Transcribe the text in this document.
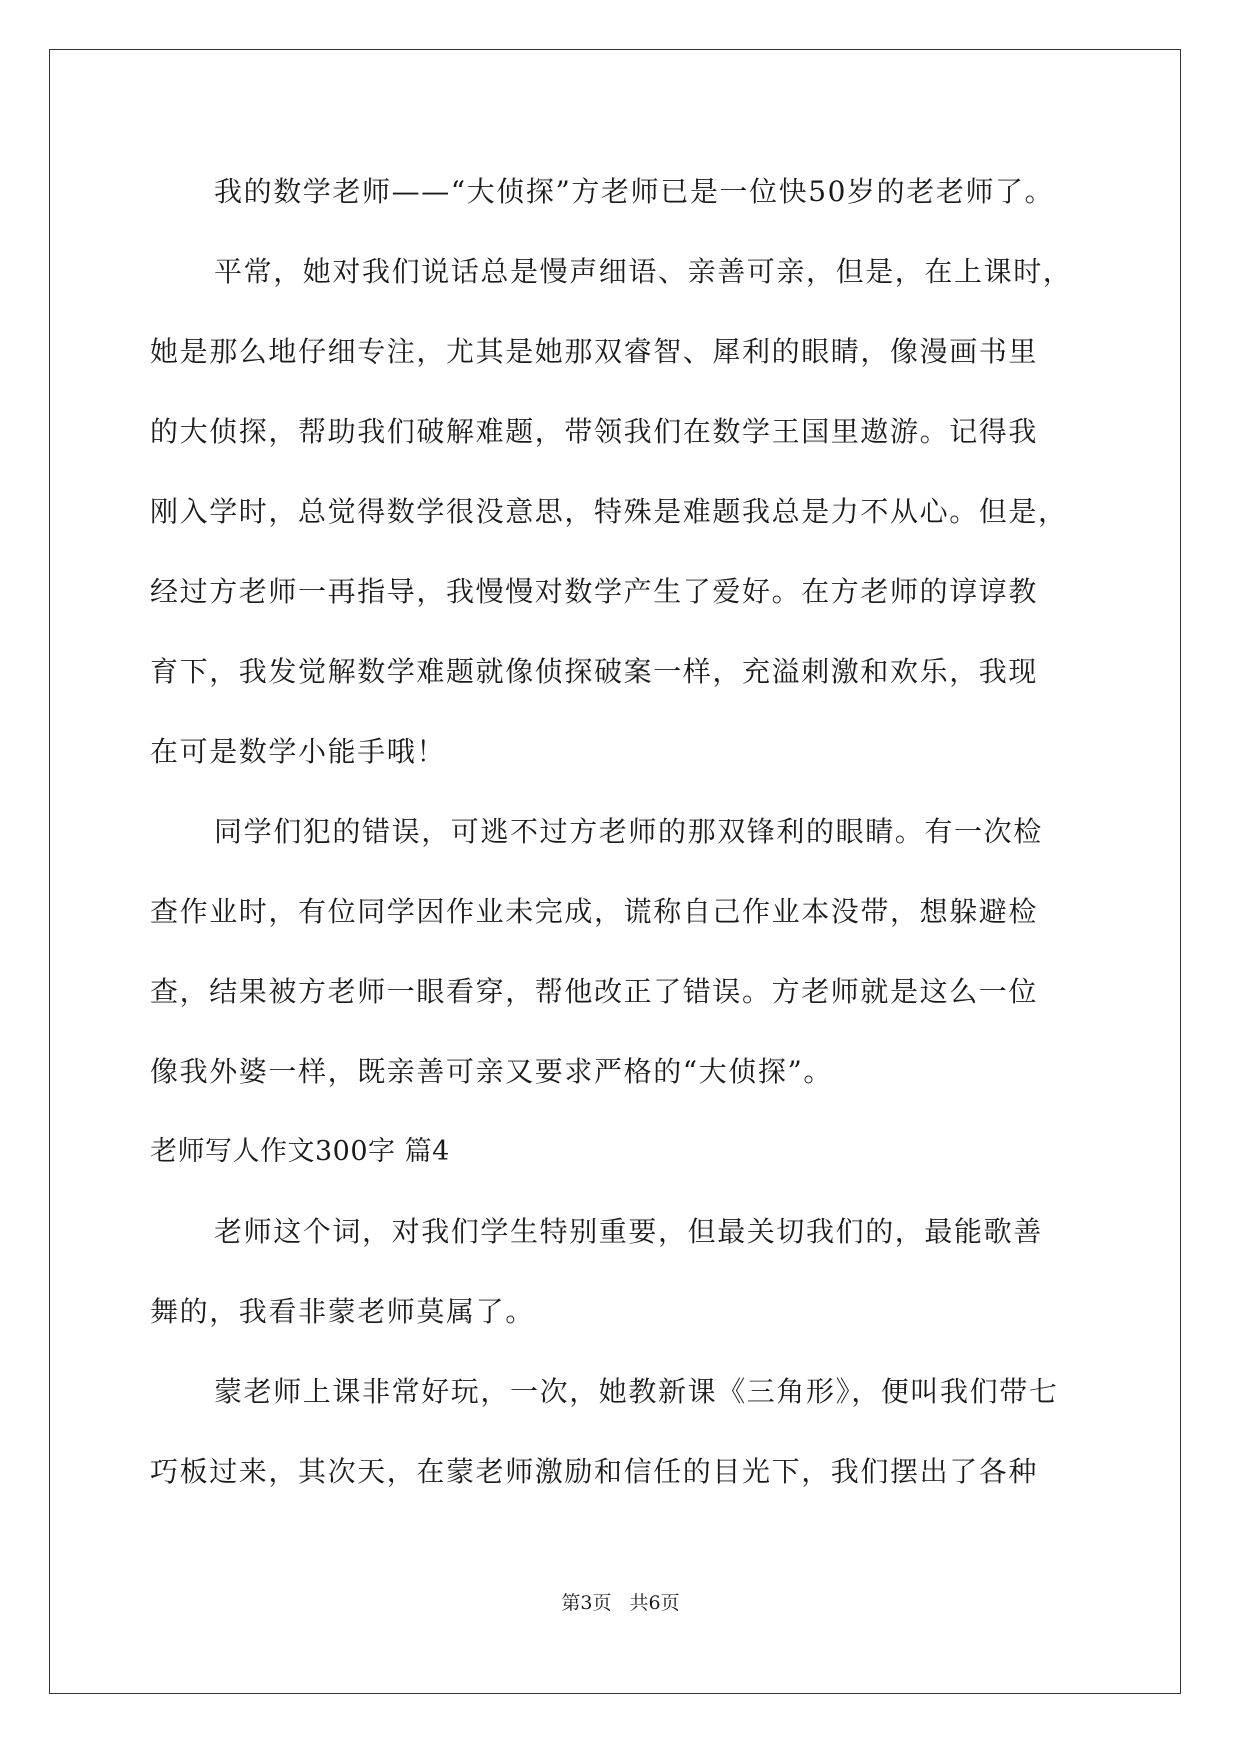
我的数学老师——“大侦探”方老师已是一位快50岁的老老师了。
平常，她对我们说话总是慢声细语、亲善可亲，但是，在上课时，
她是那么地仔细专注，尤其是她那双睿智、犀利的眼睛，像漫画书里
的大侦探，帮助我们破解难题，带领我们在数学王国里遨游。记得我
刚入学时，总觉得数学很没意思，特殊是难题我总是力不从心。但是，
经过方老师一再指导，我慢慢对数学产生了爱好。在方老师的谆谆教
育下，我发觉解数学难题就像侦探破案一样，充溢刺激和欢乐，我现
在可是数学小能手哦！
同学们犯的错误，可逃不过方老师的那双锋利的眼睛。有一次检
查作业时，有位同学因作业未完成，谎称自己作业本没带，想躲避检
查，结果被方老师一眼看穿，帮他改正了错误。方老师就是这么一位
像我外婆一样，既亲善可亲又要求严格的“大侦探”。
老师写人作文300字 篇4
老师这个词，对我们学生特别重要，但最关切我们的，最能歌善
舞的，我看非蒙老师莫属了。
蒙老师上课非常好玩，一次，她教新课《三角形》，便叫我们带七
巧板过来，其次天，在蒙老师激励和信任的目光下，我们摆出了各种
第3页 共6页
